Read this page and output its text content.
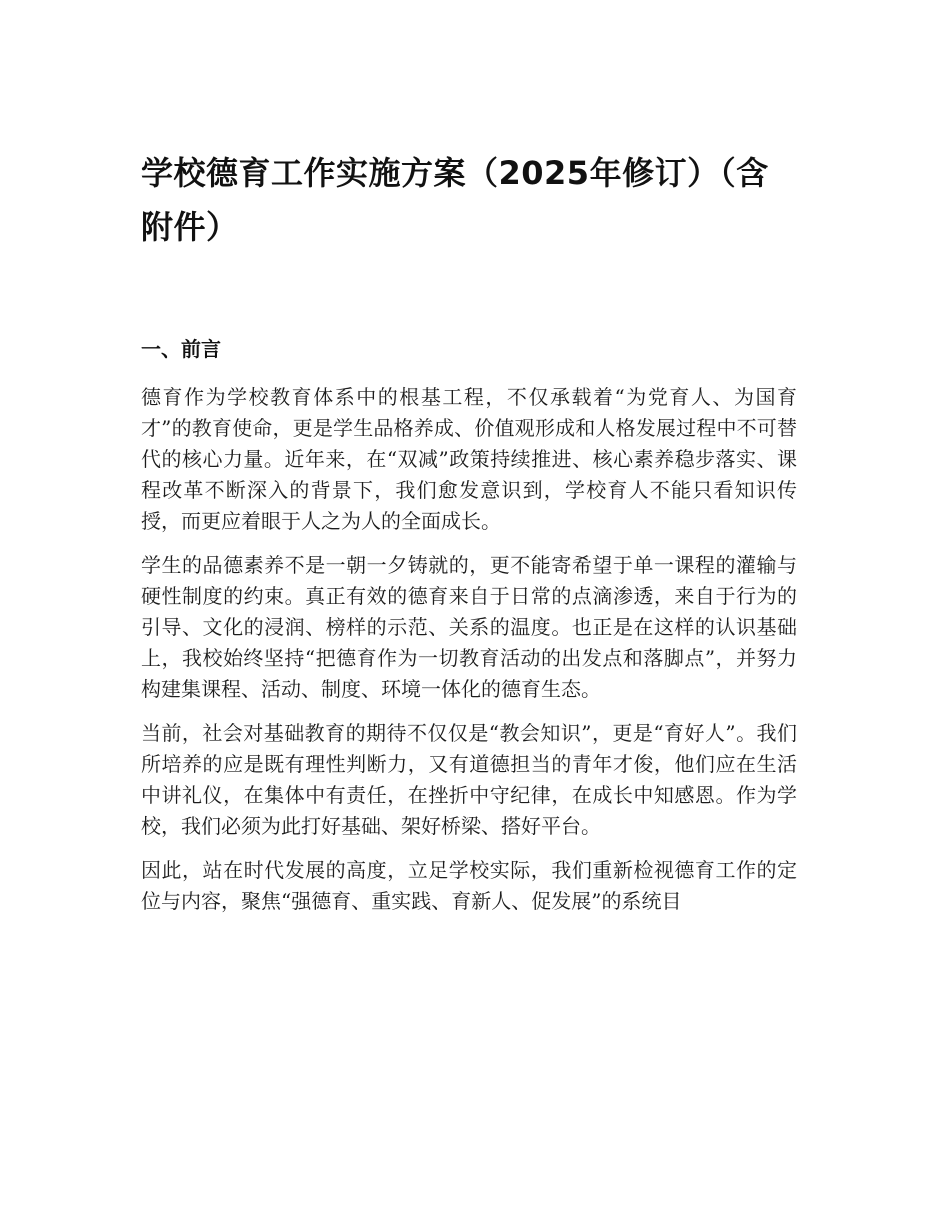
学校德育工作实施方案（2025年修订）（含附件）
一、前言

德育作为学校教育体系中的根基工程，不仅承载着“为党育人、为国育才”的教育使命，更是学生品格养成、价值观形成和人格发展过程中不可替代的核心力量。近年来，在“双减”政策持续推进、核心素养稳步落实、课程改革不断深入的背景下，我们愈发意识到，学校育人不能只看知识传授，而更应着眼于人之为人的全面成长。

学生的品德素养不是一朝一夕铸就的，更不能寄希望于单一课程的灌输与硬性制度的约束。真正有效的德育来自于日常的点滴渗透，来自于行为的引导、文化的浸润、榜样的示范、关系的温度。也正是在这样的认识基础上，我校始终坚持“把德育作为一切教育活动的出发点和落脚点”，并努力构建集课程、活动、制度、环境一体化的德育生态。

当前，社会对基础教育的期待不仅仅是“教会知识”，更是“育好人”。我们所培养的应是既有理性判断力，又有道德担当的青年才俊，他们应在生活中讲礼仪，在集体中有责任，在挫折中守纪律，在成长中知感恩。作为学校，我们必须为此打好基础、架好桥梁、搭好平台。

因此，站在时代发展的高度，立足学校实际，我们重新检视德育工作的定位与内容，聚焦“强德育、重实践、育新人、促发展”的系统目
